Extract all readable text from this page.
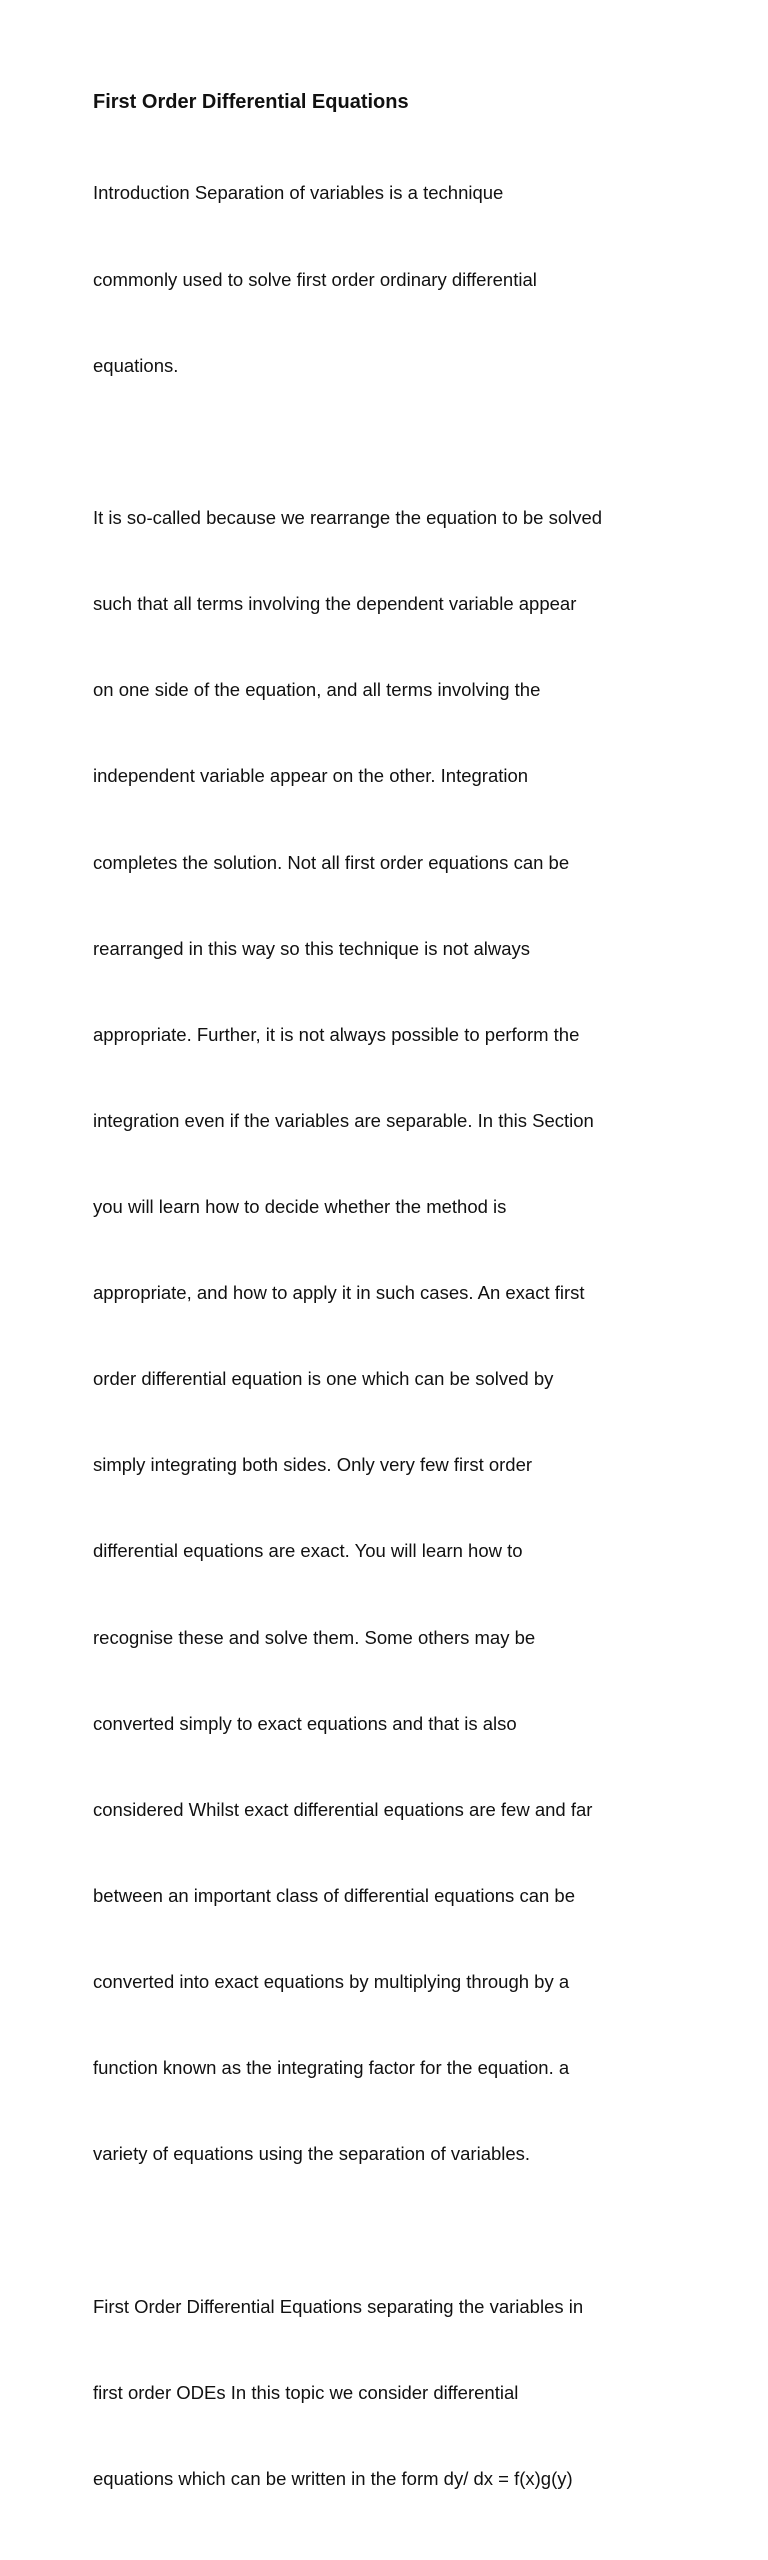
First Order Differential Equations

Introduction Separation of variables is a technique

commonly used to solve first order ordinary differential

equations.

It is so-called because we rearrange the equation to be solved

such that all terms involving the dependent variable appear

on one side of the equation, and all terms involving the

independent variable appear on the other. Integration

completes the solution. Not all first order equations can be

rearranged in this way so this technique is not always

appropriate. Further, it is not always possible to perform the

integration even if the variables are separable. In this Section

you will learn how to decide whether the method is

appropriate, and how to apply it in such cases. An exact first

order differential equation is one which can be solved by

simply integrating both sides. Only very few first order

differential equations are exact. You will learn how to

recognise these and solve them. Some others may be

converted simply to exact equations and that is also

considered Whilst exact differential equations are few and far

between an important class of differential equations can be

converted into exact equations by multiplying through by a

function known as the integrating factor for the equation. a

variety of equations using the separation of variables.

First Order Differential Equations separating the variables in

first order ODEs In this topic we consider differential

equations which can be written in the form dy/ dx = f(x)g(y)
